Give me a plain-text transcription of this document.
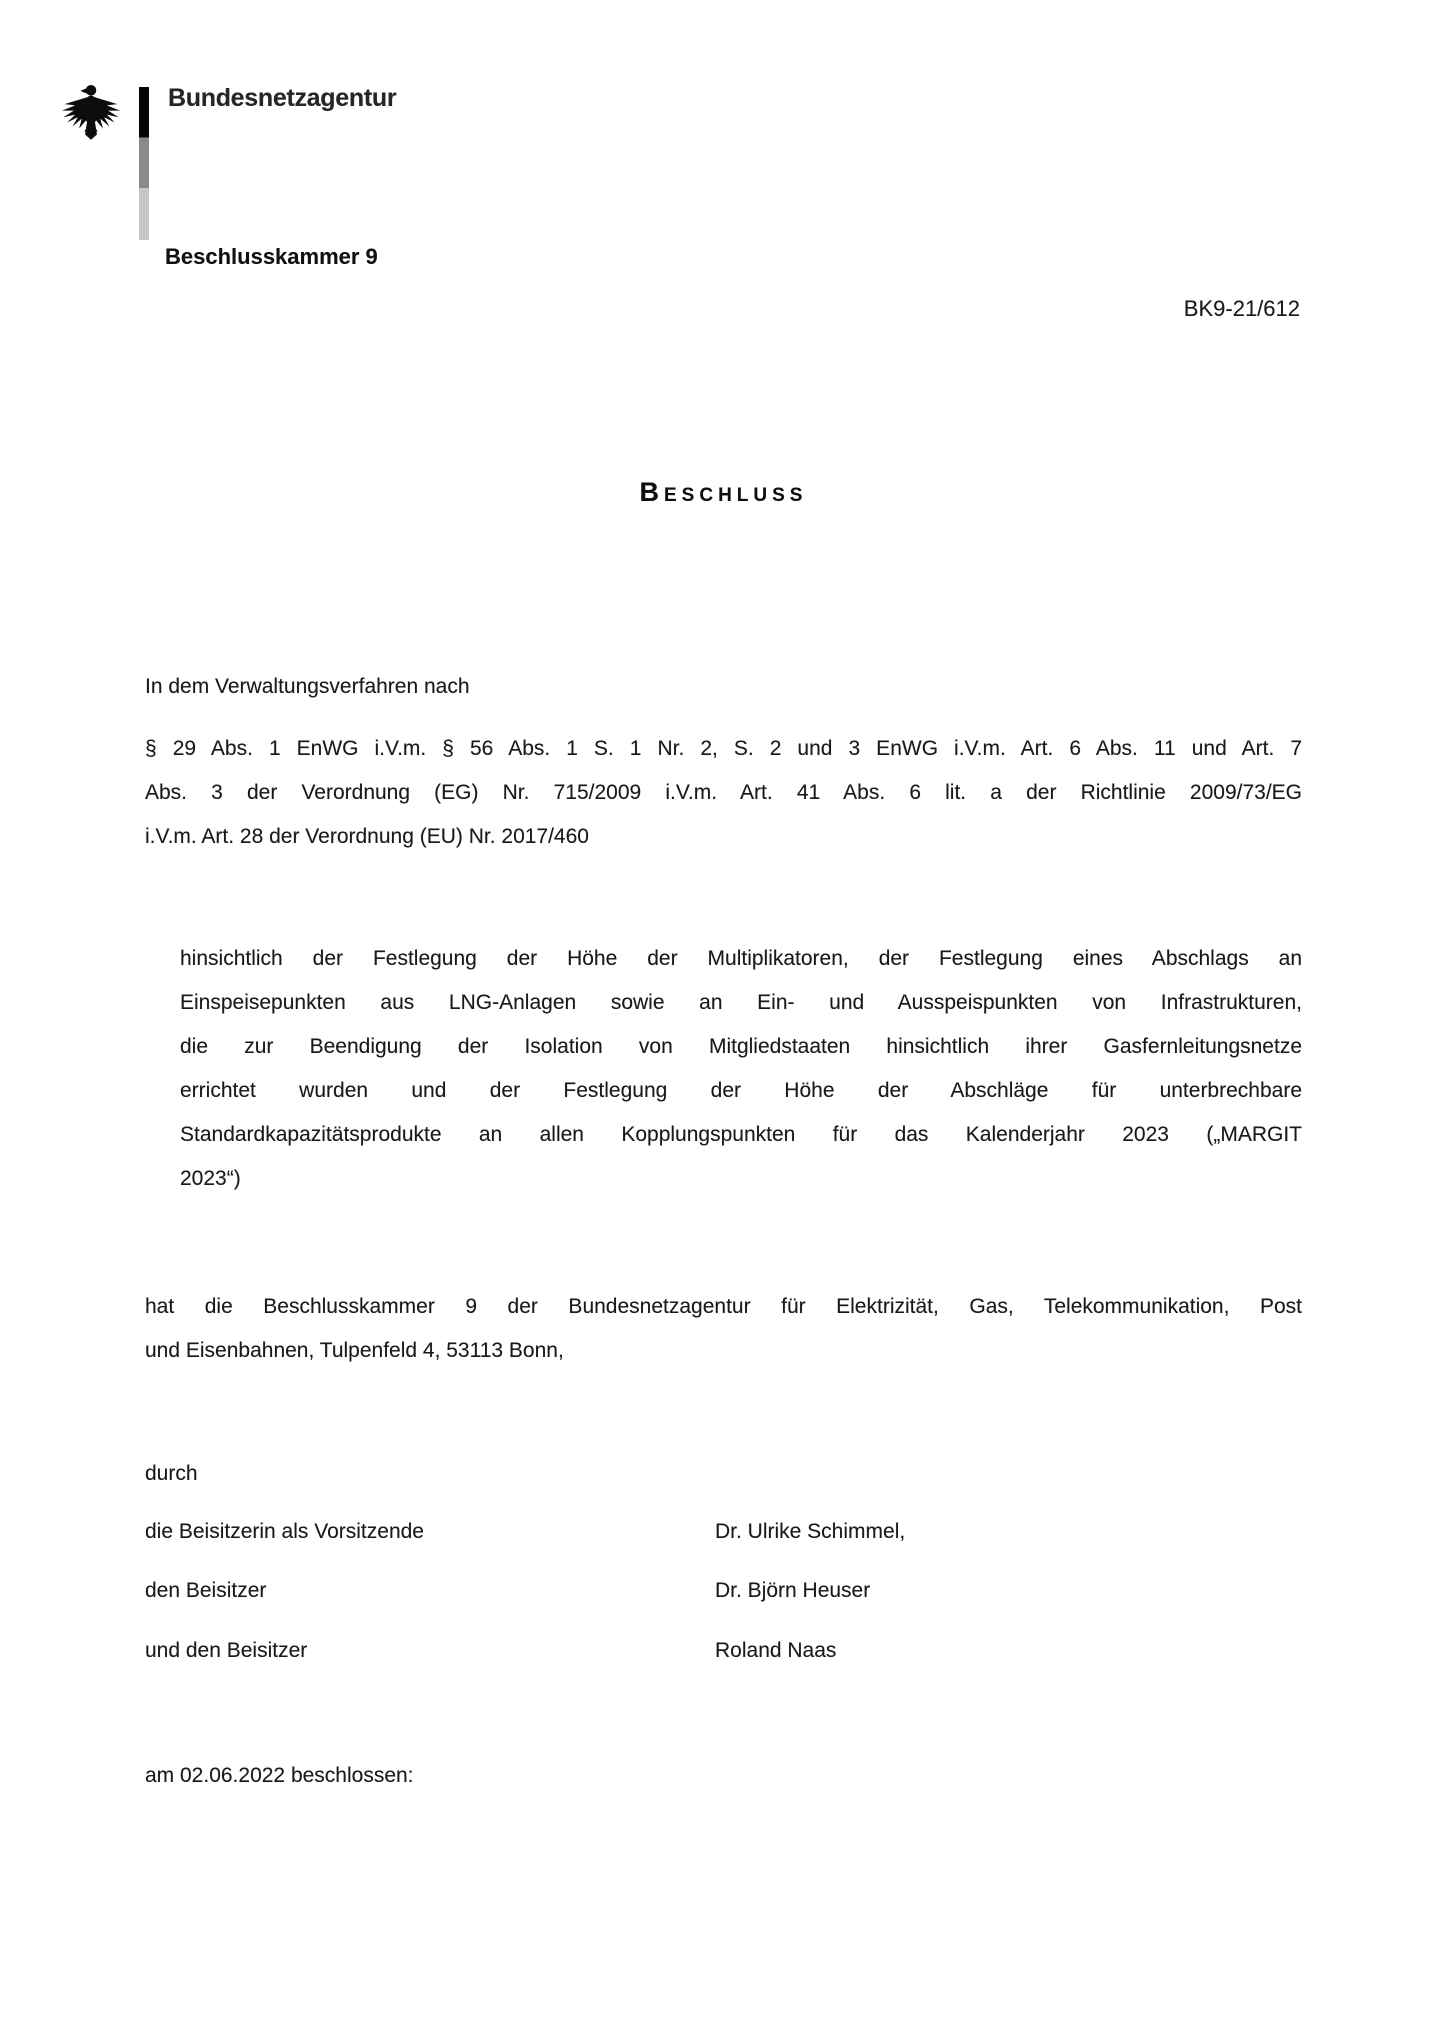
Bundesnetzagentur
Beschlusskammer 9
BK9-21/612
Beschluss
In dem Verwaltungsverfahren nach
§ 29 Abs. 1 EnWG i.V.m. § 56 Abs. 1 S. 1 Nr. 2, S. 2 und 3 EnWG i.V.m. Art. 6 Abs. 11 und Art. 7
Abs. 3 der Verordnung (EG) Nr. 715/2009 i.V.m. Art. 41 Abs. 6 lit. a der Richtlinie 2009/73/EG
i.V.m. Art. 28 der Verordnung (EU) Nr. 2017/460
hinsichtlich der Festlegung der Höhe der Multiplikatoren, der Festlegung eines Abschlags an
Einspeisepunkten aus LNG-Anlagen sowie an Ein- und Ausspeispunkten von Infrastrukturen,
die zur Beendigung der Isolation von Mitgliedstaaten hinsichtlich ihrer Gasfernleitungsnetze
errichtet wurden und der Festlegung der Höhe der Abschläge für unterbrechbare
Standardkapazitätsprodukte an allen Kopplungspunkten für das Kalenderjahr 2023 („MARGIT
2023“)
hat die Beschlusskammer 9 der Bundesnetzagentur für Elektrizität, Gas, Telekommunikation, Post
und Eisenbahnen, Tulpenfeld 4, 53113 Bonn,
durch
die Beisitzerin als Vorsitzende	Dr. Ulrike Schimmel,
den Beisitzer	Dr. Björn Heuser
und den Beisitzer	Roland Naas
am 02.06.2022 beschlossen:
